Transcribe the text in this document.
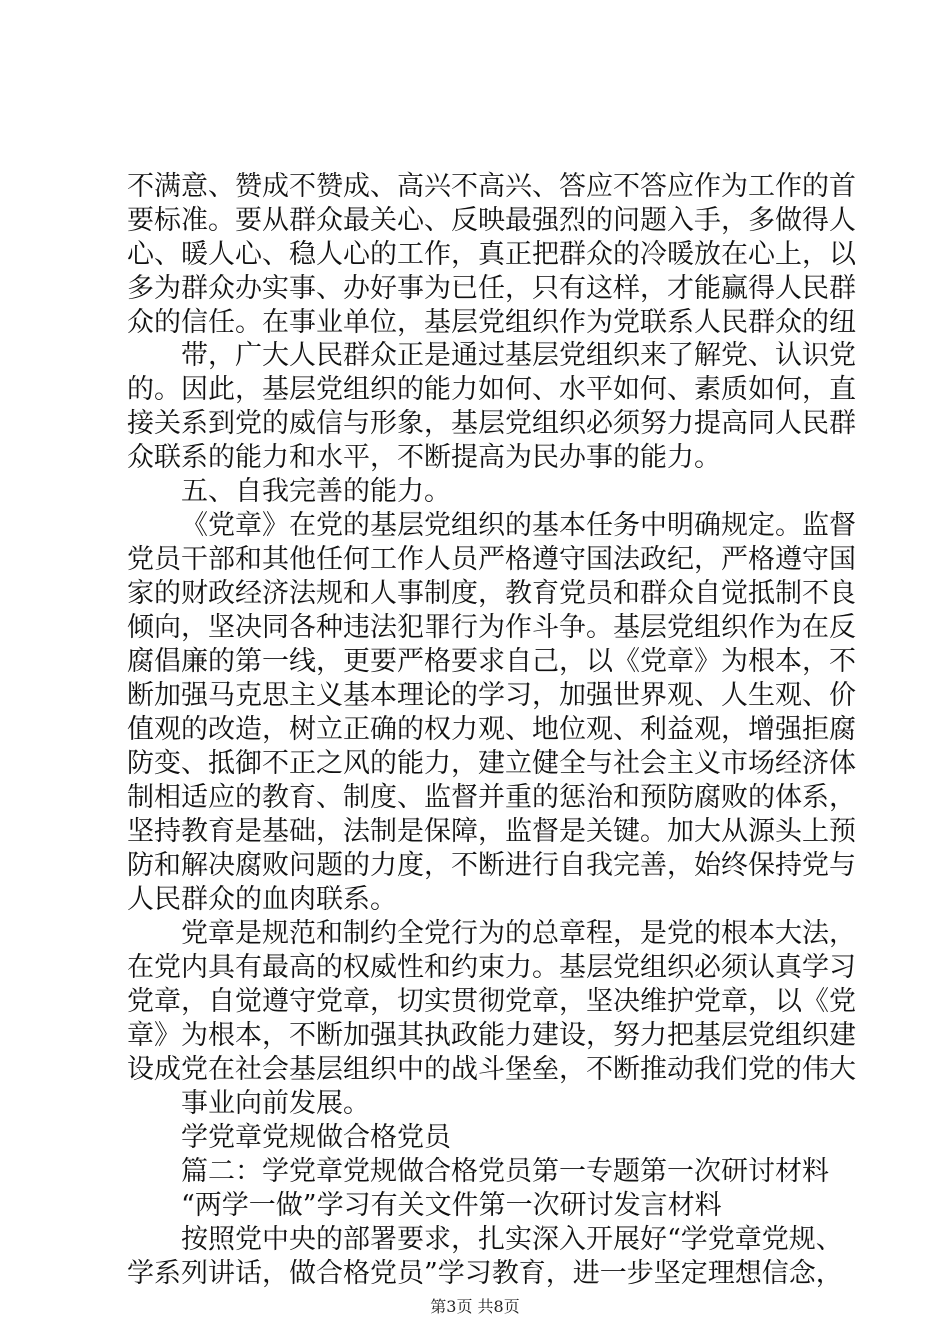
不满意、赞成不赞成、高兴不高兴、答应不答应作为工作的首

要标准。要从群众最关心、反映最强烈的问题入手，多做得人

心、暖人心、稳人心的工作，真正把群众的冷暖放在心上，以

多为群众办实事、办好事为已任，只有这样，才能赢得人民群

众的信任。在事业单位，基层党组织作为党联系人民群众的纽

带，广大人民群众正是通过基层党组织来了解党、认识党

的。因此，基层党组织的能力如何、水平如何、素质如何，直

接关系到党的威信与形象，基层党组织必须努力提高同人民群

众联系的能力和水平，不断提高为民办事的能力。

五、自我完善的能力。

《党章》在党的基层党组织的基本任务中明确规定。监督

党员干部和其他任何工作人员严格遵守国法政纪，严格遵守国

家的财政经济法规和人事制度，教育党员和群众自觉抵制不良

倾向，坚决同各种违法犯罪行为作斗争。基层党组织作为在反

腐倡廉的第一线，更要严格要求自己，以《党章》为根本，不

断加强马克思主义基本理论的学习，加强世界观、人生观、价

值观的改造，树立正确的权力观、地位观、利益观，增强拒腐

防变、抵御不正之风的能力，建立健全与社会主义市场经济体

制相适应的教育、制度、监督并重的惩治和预防腐败的体系，

坚持教育是基础，法制是保障，监督是关键。加大从源头上预

防和解决腐败问题的力度，不断进行自我完善，始终保持党与

人民群众的血肉联系。

党章是规范和制约全党行为的总章程，是党的根本大法，

在党内具有最高的权威性和约束力。基层党组织必须认真学习

党章，自觉遵守党章，切实贯彻党章，坚决维护党章，以《党

章》为根本，不断加强其执政能力建设，努力把基层党组织建

设成党在社会基层组织中的战斗堡垒，不断推动我们党的伟大

事业向前发展。

学党章党规做合格党员

篇二：学党章党规做合格党员第一专题第一次研讨材料

“两学一做”学习有关文件第一次研讨发言材料

按照党中央的部署要求，扎实深入开展好“学党章党规、

学系列讲话，做合格党员”学习教育，进一步坚定理想信念，

第3页 共8页
